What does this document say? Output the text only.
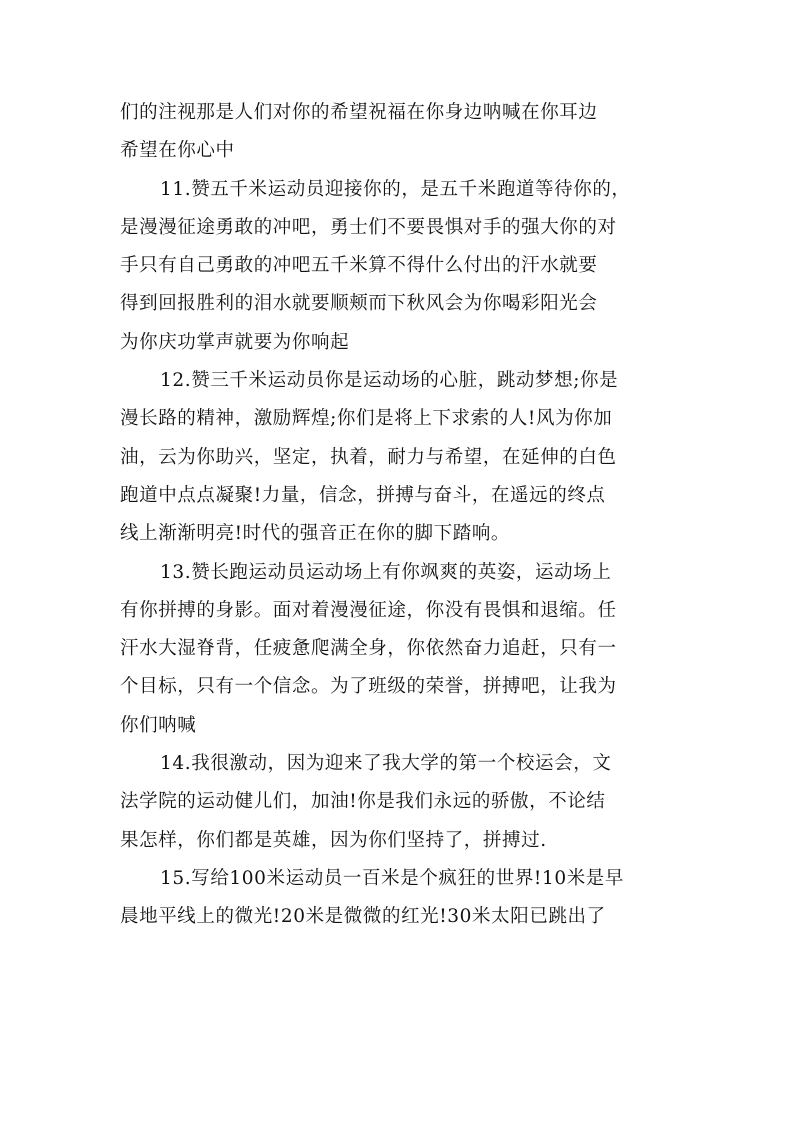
们的注视那是人们对你的希望祝福在你身边呐喊在你耳边
希望在你心中
11.赞五千米运动员迎接你的，是五千米跑道等待你的，
是漫漫征途勇敢的冲吧，勇士们不要畏惧对手的强大你的对
手只有自己勇敢的冲吧五千米算不得什么付出的汗水就要
得到回报胜利的泪水就要顺颊而下秋风会为你喝彩阳光会
为你庆功掌声就要为你响起
12.赞三千米运动员你是运动场的心脏，跳动梦想;你是
漫长路的精神，激励辉煌;你们是将上下求索的人!风为你加
油，云为你助兴，坚定，执着，耐力与希望，在延伸的白色
跑道中点点凝聚!力量，信念，拼搏与奋斗，在遥远的终点
线上渐渐明亮!时代的强音正在你的脚下踏响。
13.赞长跑运动员运动场上有你飒爽的英姿，运动场上
有你拼搏的身影。面对着漫漫征途，你没有畏惧和退缩。任
汗水大湿脊背，任疲惫爬满全身，你依然奋力追赶，只有一
个目标，只有一个信念。为了班级的荣誉，拼搏吧，让我为
你们呐喊
14.我很激动，因为迎来了我大学的第一个校运会，文
法学院的运动健儿们，加油!你是我们永远的骄傲，不论结
果怎样，你们都是英雄，因为你们坚持了，拼搏过.
15.写给100米运动员一百米是个疯狂的世界!10米是早
晨地平线上的微光!20米是微微的红光!30米太阳已跳出了
